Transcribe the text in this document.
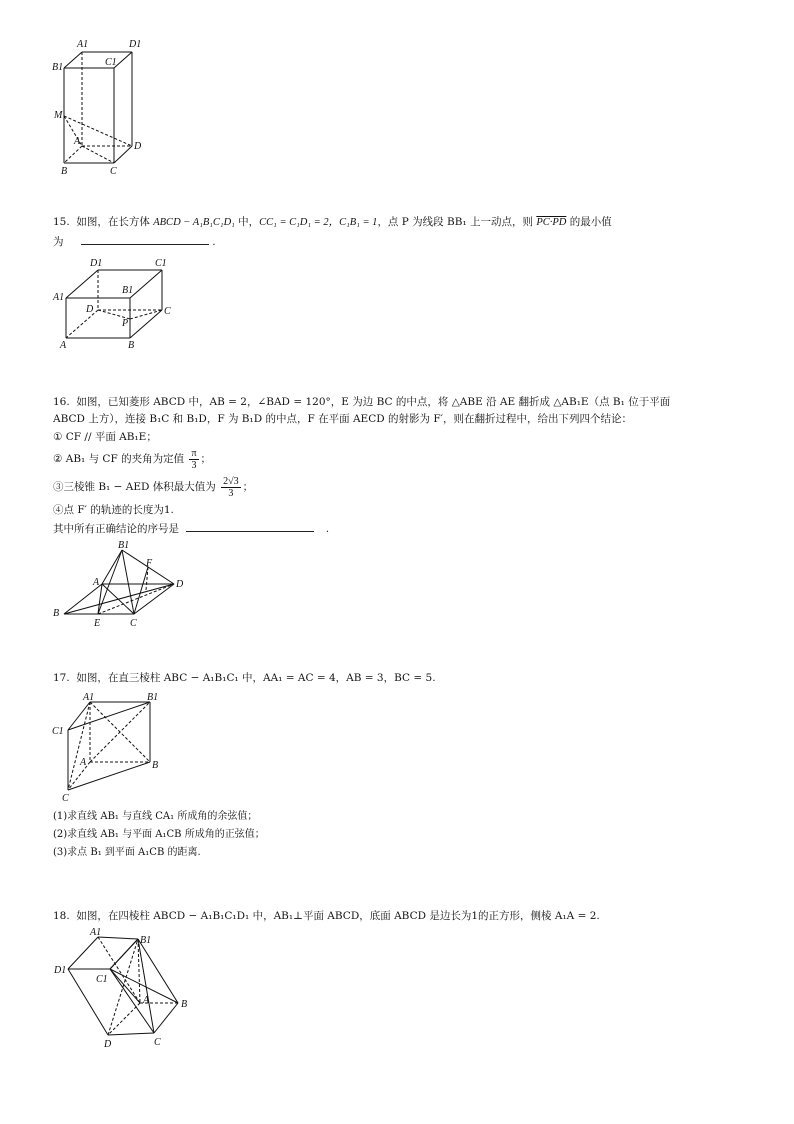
A1	D1
B1	C1
M
A	D
B	C
15. 如图，在长方体 ABCD − A₁B₁C₁D₁ 中，CC₁ = C₁D₁ = 2，C₁B₁ = 1，点 P 为线段 BB₁ 上一动点，则 PC·PD 的最小值
为	.
D1	C1
A1
B1
D
P
C
A	B
16. 如图，已知菱形 ABCD 中，AB = 2，∠BAD = 120°，E 为边 BC 的中点，将 △ABE 沿 AE 翻折成 △AB₁E（点 B₁ 位于平面
ABCD 上方），连接 B₁C 和 B₁D，F 为 B₁D 的中点，F 在平面 AECD 的射影为 F′，则在翻折过程中，给出下列四个结论：
① CF // 平面 AB₁E；
② AB₁ 与 CF 的夹角为定值 $\frac{\pi}{3}$ ；
③三棱锥 B₁ − AED 体积最大值为 $\frac{2√3}{3}$ ；
④点 F′ 的轨迹的长度为1.
其中所有正确结论的序号是	.
B1
F
A	D
B
E	C
17. 如图，在直三棱柱 ABC − A₁B₁C₁ 中，AA₁ = AC = 4，AB = 3，BC = 5.
A1	B1
C1
A	B
C
(1)求直线 AB₁ 与直线 CA₁ 所成角的余弦值；
(2)求直线 AB₁ 与平面 A₁CB 所成角的正弦值；
(3)求点 B₁ 到平面 A₁CB 的距离.
18. 如图，在四棱柱 ABCD − A₁B₁C₁D₁ 中，AB₁⊥平面 ABCD，底面 ABCD 是边长为1的正方形，侧棱 A₁A = 2.
A1
B1
D1
C1
A	B
D	C
